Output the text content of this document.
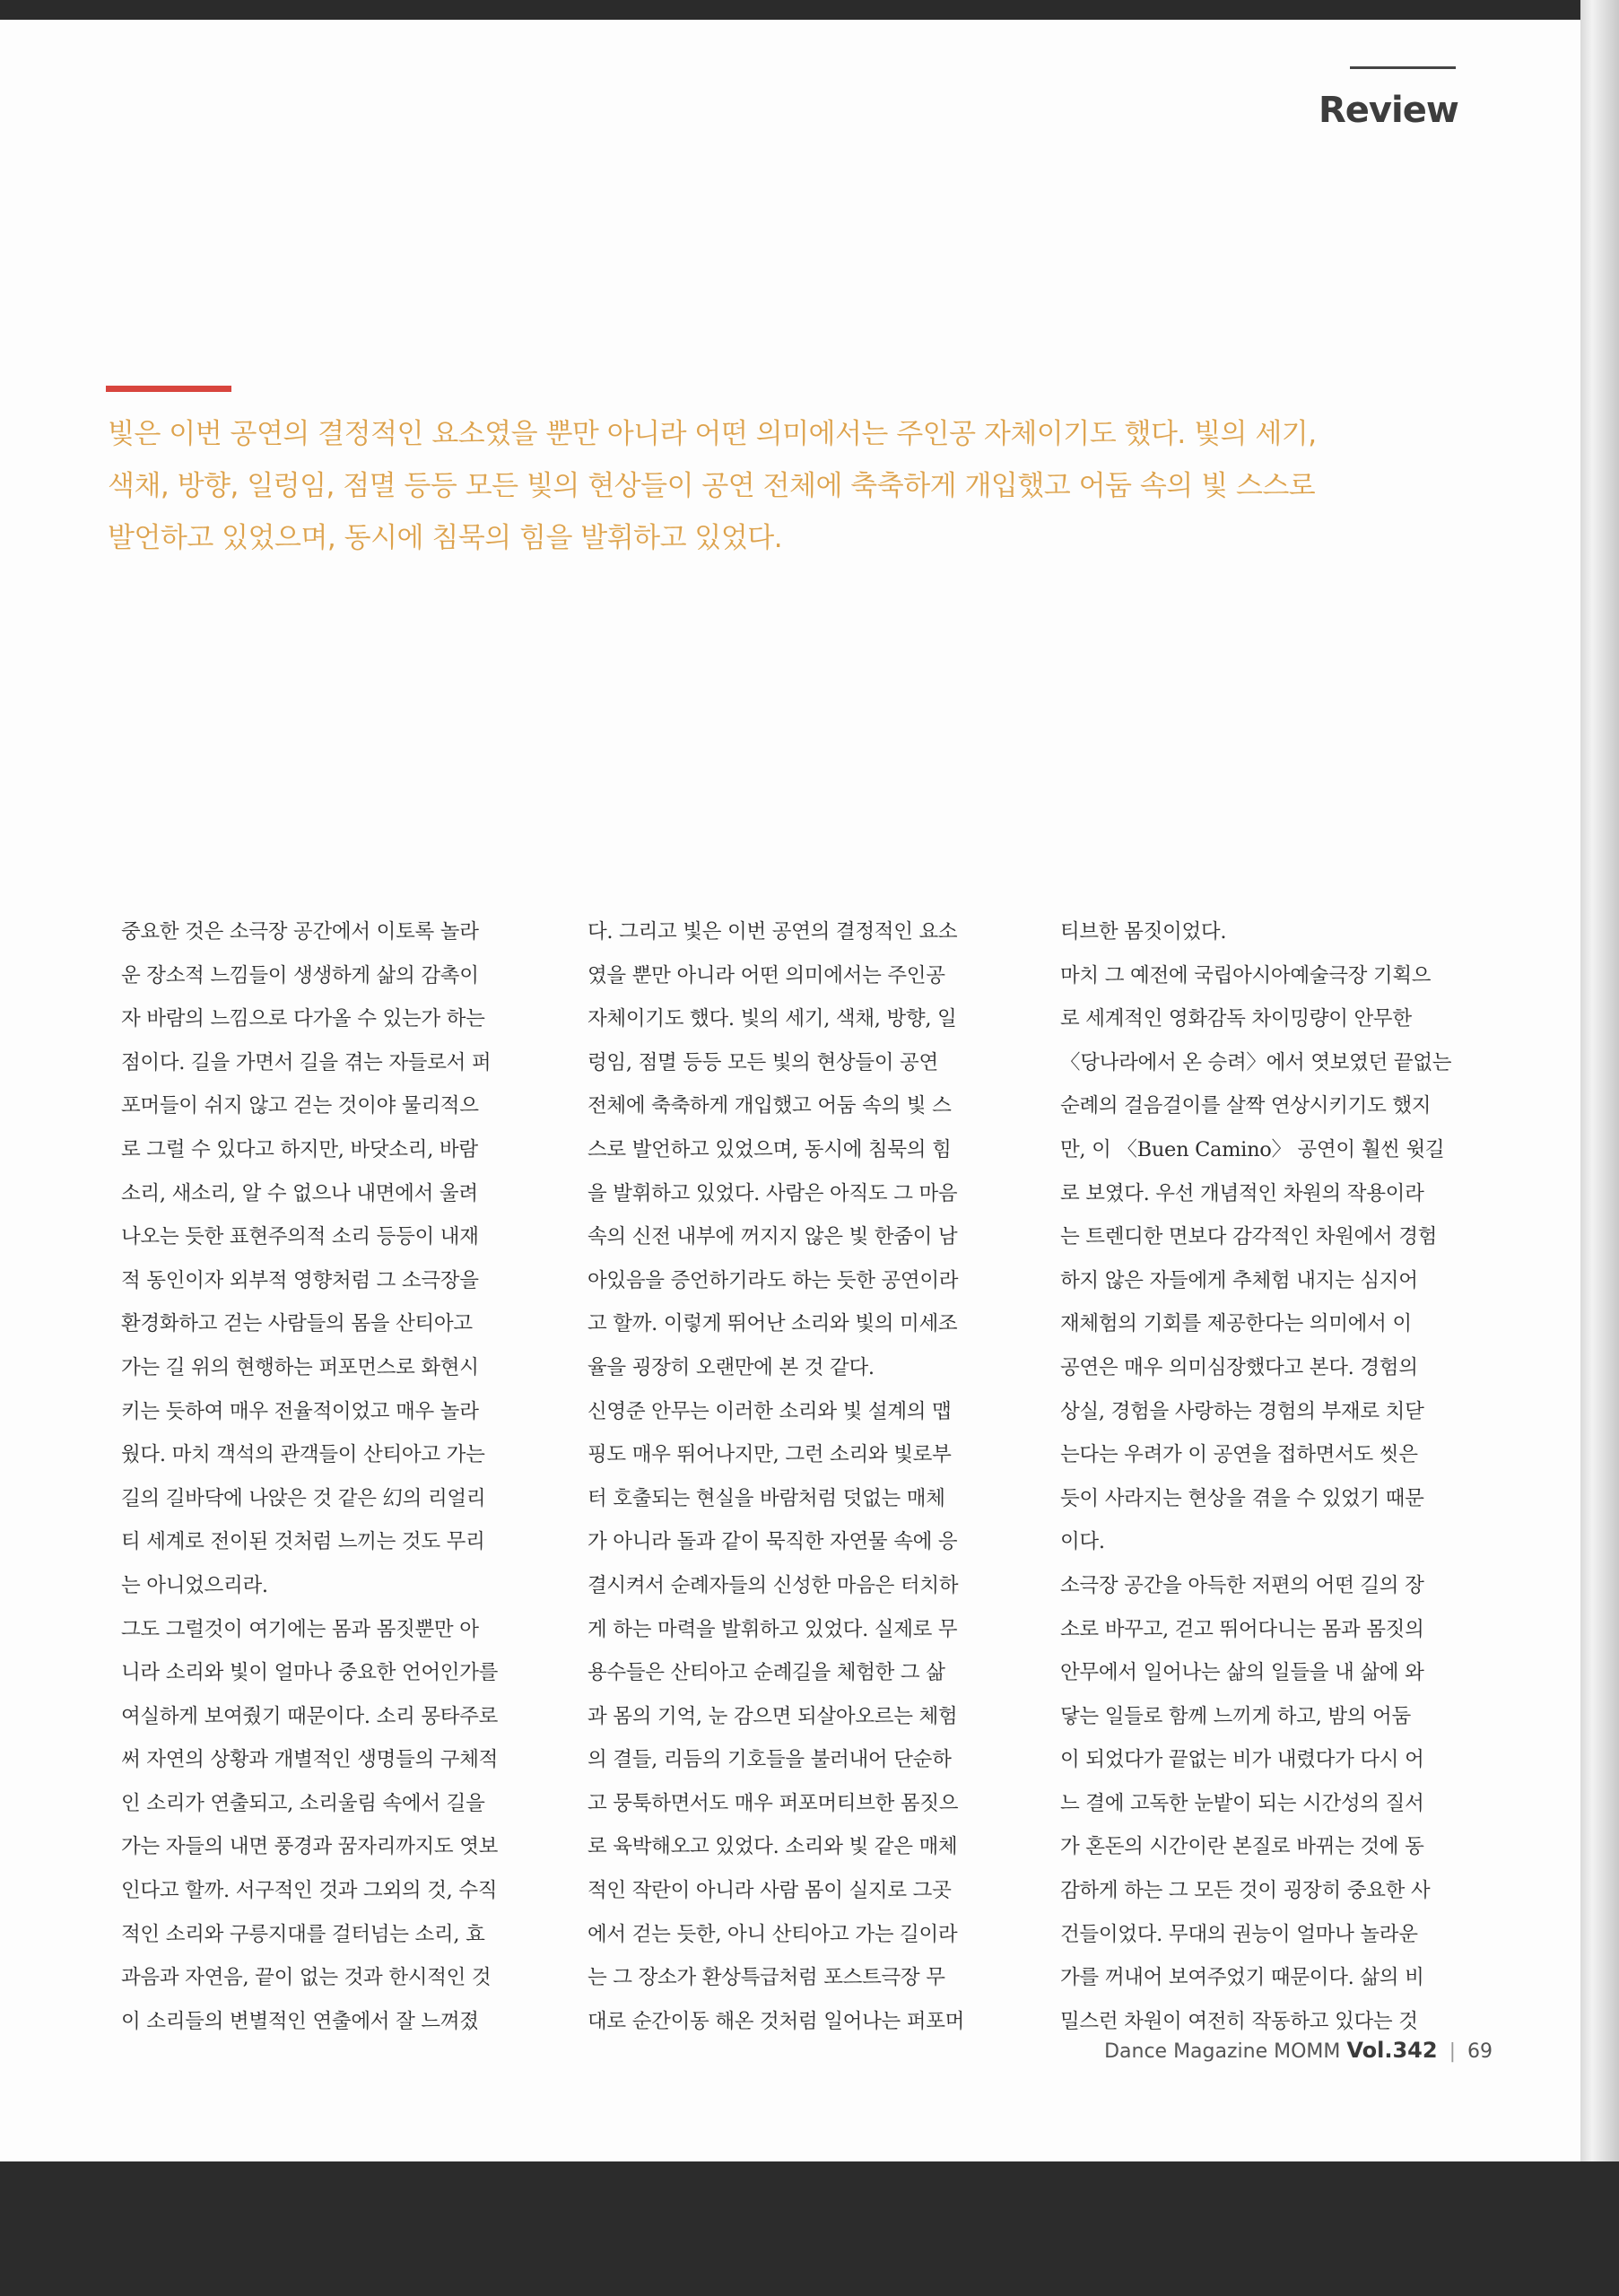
Review
빛은 이번 공연의 결정적인 요소였을 뿐만 아니라 어떤 의미에서는 주인공 자체이기도 했다. 빛의 세기,
색채, 방향, 일렁임, 점멸 등등 모든 빛의 현상들이 공연 전체에 축축하게 개입했고 어둠 속의 빛 스스로
발언하고 있었으며, 동시에 침묵의 힘을 발휘하고 있었다.
중요한 것은 소극장 공간에서 이토록 놀라
운 장소적 느낌들이 생생하게 삶의 감촉이
자 바람의 느낌으로 다가올 수 있는가 하는
점이다. 길을 가면서 길을 겪는 자들로서 퍼
포머들이 쉬지 않고 걷는 것이야 물리적으
로 그럴 수 있다고 하지만, 바닷소리, 바람
소리, 새소리, 알 수 없으나 내면에서 울려
나오는 듯한 표현주의적 소리 등등이 내재
적 동인이자 외부적 영향처럼 그 소극장을
환경화하고 걷는 사람들의 몸을 산티아고
가는 길 위의 현행하는 퍼포먼스로 화현시
키는 듯하여 매우 전율적이었고 매우 놀라
웠다. 마치 객석의 관객들이 산티아고 가는
길의 길바닥에 나앉은 것 같은 幻의 리얼리
티 세계로 전이된 것처럼 느끼는 것도 무리
는 아니었으리라.
그도 그럴것이 여기에는 몸과 몸짓뿐만 아
니라 소리와 빛이 얼마나 중요한 언어인가를
여실하게 보여줬기 때문이다. 소리 몽타주로
써 자연의 상황과 개별적인 생명들의 구체적
인 소리가 연출되고, 소리울림 속에서 길을
가는 자들의 내면 풍경과 꿈자리까지도 엿보
인다고 할까. 서구적인 것과 그외의 것, 수직
적인 소리와 구릉지대를 걸터넘는 소리, 효
과음과 자연음, 끝이 없는 것과 한시적인 것
이 소리들의 변별적인 연출에서 잘 느껴졌
다. 그리고 빛은 이번 공연의 결정적인 요소
였을 뿐만 아니라 어떤 의미에서는 주인공
자체이기도 했다. 빛의 세기, 색채, 방향, 일
렁임, 점멸 등등 모든 빛의 현상들이 공연
전체에 축축하게 개입했고 어둠 속의 빛 스
스로 발언하고 있었으며, 동시에 침묵의 힘
을 발휘하고 있었다. 사람은 아직도 그 마음
속의 신전 내부에 꺼지지 않은 빛 한줌이 남
아있음을 증언하기라도 하는 듯한 공연이라
고 할까. 이렇게 뛰어난 소리와 빛의 미세조
율을 굉장히 오랜만에 본 것 같다.
신영준 안무는 이러한 소리와 빛 설계의 맵
핑도 매우 뛰어나지만, 그런 소리와 빛로부
터 호출되는 현실을 바람처럼 덧없는 매체
가 아니라 돌과 같이 묵직한 자연물 속에 응
결시켜서 순례자들의 신성한 마음은 터치하
게 하는 마력을 발휘하고 있었다. 실제로 무
용수들은 산티아고 순례길을 체험한 그 삶
과 몸의 기억, 눈 감으면 되살아오르는 체험
의 결들, 리듬의 기호들을 불러내어 단순하
고 뭉툭하면서도 매우 퍼포머티브한 몸짓으
로 육박해오고 있었다. 소리와 빛 같은 매체
적인 작란이 아니라 사람 몸이 실지로 그곳
에서 걷는 듯한, 아니 산티아고 가는 길이라
는 그 장소가 환상특급처럼 포스트극장 무
대로 순간이동 해온 것처럼 일어나는 퍼포머
티브한 몸짓이었다.
마치 그 예전에 국립아시아예술극장 기획으
로 세계적인 영화감독 차이밍량이 안무한
〈당나라에서 온 승려〉에서 엿보였던 끝없는
순례의 걸음걸이를 살짝 연상시키기도 했지
만, 이 〈Buen Camino〉 공연이 훨씬 윗길
로 보였다. 우선 개념적인 차원의 작용이라
는 트렌디한 면보다 감각적인 차원에서 경험
하지 않은 자들에게 추체험 내지는 심지어
재체험의 기회를 제공한다는 의미에서 이
공연은 매우 의미심장했다고 본다. 경험의
상실, 경험을 사랑하는 경험의 부재로 치닫
는다는 우려가 이 공연을 접하면서도 씻은
듯이 사라지는 현상을 겪을 수 있었기 때문
이다.
소극장 공간을 아득한 저편의 어떤 길의 장
소로 바꾸고, 걷고 뛰어다니는 몸과 몸짓의
안무에서 일어나는 삶의 일들을 내 삶에 와
닿는 일들로 함께 느끼게 하고, 밤의 어둠
이 되었다가 끝없는 비가 내렸다가 다시 어
느 결에 고독한 눈밭이 되는 시간성의 질서
가 혼돈의 시간이란 본질로 바뀌는 것에 동
감하게 하는 그 모든 것이 굉장히 중요한 사
건들이었다. 무대의 권능이 얼마나 놀라운
가를 꺼내어 보여주었기 때문이다. 삶의 비
밀스런 차원이 여전히 작동하고 있다는 것
Dance Magazine MOMM Vol.342 | 69
